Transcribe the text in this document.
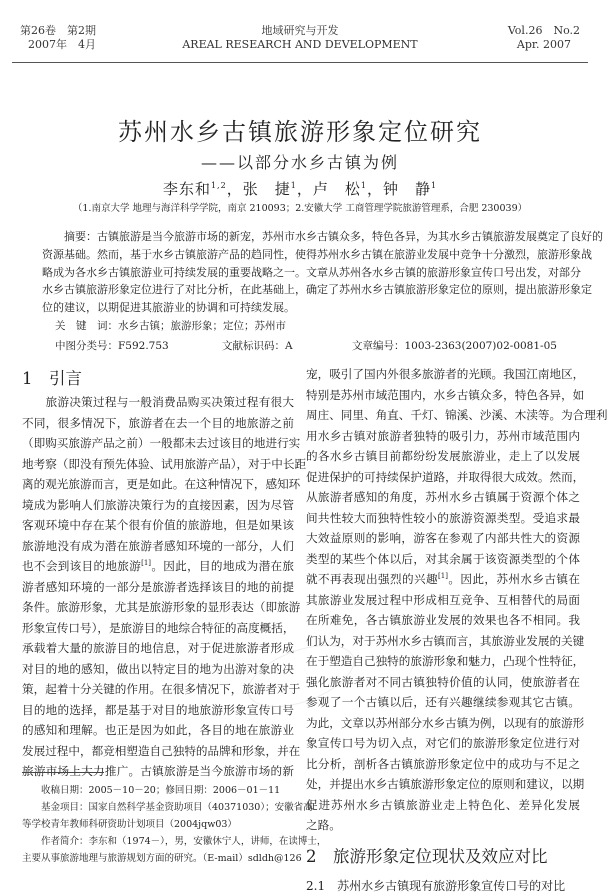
第26卷　第2期
2007年　4月
地域研究与开发
AREAL RESEARCH AND DEVELOPMENT
Vol.26　No.2
Apr. 2007
苏州水乡古镇旅游形象定位研究
——以部分水乡古镇为例
李东和$^{1,2}$，张　捷$^1$，卢　松$^1$，钟　静$^1$
（1.南京大学 地理与海洋科学学院，南京 210093；2.安徽大学 工商管理学院旅游管理系，合肥 230039）
　　摘要：古镇旅游是当今旅游市场的新宠，苏州市水乡古镇众多，特色各异，为其水乡古镇旅游发展奠定了良好的
资源基础。然而，基于水乡古镇旅游产品的趋同性，使得苏州水乡古镇在旅游业发展中竞争十分激烈，旅游形象战
略成为各水乡古镇旅游业可持续发展的重要战略之一。文章从苏州各水乡古镇的旅游形象宣传口号出发，对部分
水乡古镇旅游形象定位进行了对比分析，在此基础上，确定了苏州水乡古镇旅游形象定位的原则，提出旅游形象定
位的建议，以期促进其旅游业的协调和可持续发展。
关　键　词：水乡古镇；旅游形象；定位；苏州市
中图分类号：F592.753	文献标识码：A	文章编号：1003-2363(2007)02-0081-05
1　引言
　　旅游决策过程与一般消费品购买决策过程有很大
不同，很多情况下，旅游者在去一个目的地旅游之前
（即购买旅游产品之前）一般都未去过该目的地进行实
地考察（即没有预先体验、试用旅游产品），对于中长距
离的观光旅游而言，更是如此。在这种情况下，感知环
境成为影响人们旅游决策行为的直接因素，因为尽管
客观环境中存在某个很有价值的旅游地，但是如果该
旅游地没有成为潜在旅游者感知环境的一部分，人们
也不会到该目的地旅游[1]。因此，目的地成为潜在旅
游者感知环境的一部分是旅游者选择该目的地的前提
条件。旅游形象，尤其是旅游形象的显形表达（即旅游
形象宣传口号），是旅游目的地综合特征的高度概括，
承载着大量的旅游目的地信息，对于促进旅游者形成
对目的地的感知，做出以特定目的地为出游对象的决
策，起着十分关键的作用。在很多情况下，旅游者对于
目的地的选择，都是基于对目的地旅游形象宣传口号
的感知和理解。也正是因为如此，各目的地在旅游业
发展过程中，都竞相塑造自己独特的品牌和形象，并在
旅游市场上大力推广。古镇旅游是当今旅游市场的新
　　收稿日期：2005－10－20；修回日期：2006－01－11
　　基金项目：国家自然科学基金资助项目（40371030）；安徽省高
等学校青年教师科研资助计划项目（2004jqw03）
　　作者简介：李东和（1974－），男，安徽休宁人，讲师，在读博士，
主要从事旅游地理与旅游规划方面的研究。（E-mail）sdldh@126
宠，吸引了国内外很多旅游者的光顾。我国江南地区，
特别是苏州市域范围内，水乡古镇众多，特色各异，如
周庄、同里、角直、千灯、锦溪、沙溪、木渎等。为合理利
用水乡古镇对旅游者独特的吸引力，苏州市域范围内
的各水乡古镇目前都纷纷发展旅游业，走上了以发展
促进保护的可持续保护道路，并取得很大成效。然而，
从旅游者感知的角度，苏州水乡古镇属于资源个体之
间共性较大而独特性较小的旅游资源类型。受追求最
大效益原则的影响，游客在参观了内部共性大的资源
类型的某些个体以后，对其余属于该资源类型的个体
就不再表现出强烈的兴趣[1]。因此，苏州水乡古镇在
其旅游业发展过程中形成相互竞争、互相替代的局面
在所难免，各古镇旅游业发展的效果也各不相同。我
们认为，对于苏州水乡古镇而言，其旅游业发展的关键
在于塑造自己独特的旅游形象和魅力，凸现个性特征，
强化旅游者对不同古镇独特价值的认同，使旅游者在
参观了一个古镇以后，还有兴趣继续参观其它古镇。
为此，文章以苏州部分水乡古镇为例，以现有的旅游形
象宣传口号为切入点，对它们的旅游形象定位进行对
比分析，剖析各古镇旅游形象定位中的成功与不足之
处，并提出水乡古镇旅游形象定位的原则和建议，以期
促进苏州水乡古镇旅游业走上特色化、差异化发展
之路。
2　旅游形象定位现状及效应对比
2.1　苏州水乡古镇现有旅游形象宣传口号的对比
